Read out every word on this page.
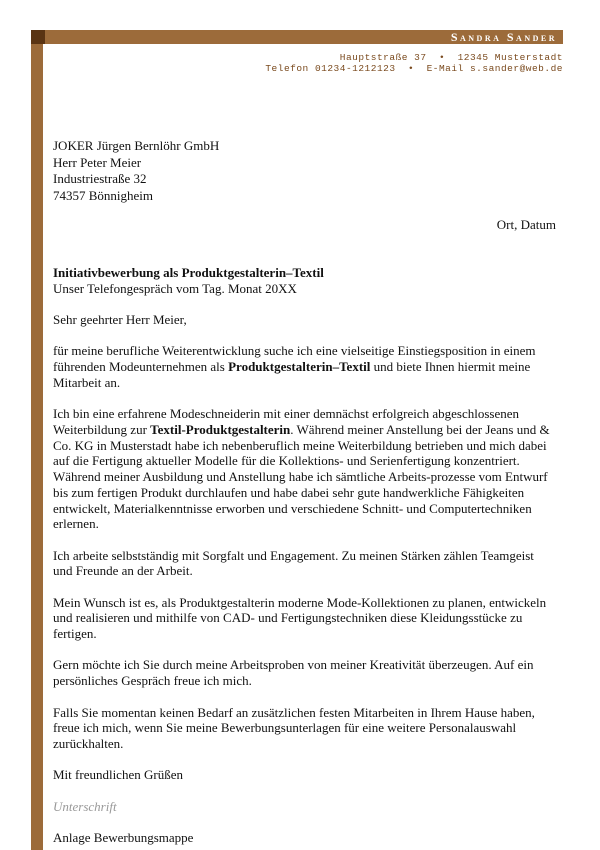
Sandra Sander
Hauptstraße 37  •  12345 Musterstadt
Telefon 01234-1212123  •  E-Mail s.sander@web.de
JOKER Jürgen Bernlöhr GmbH
Herr Peter Meier
Industriestraße 32
74357 Bönnigheim
Ort, Datum
Initiativbewerbung als Produktgestalterin–Textil

Unser Telefongespräch vom Tag. Monat 20XX

Sehr geehrter Herr Meier,

für meine berufliche Weiterentwicklung suche ich eine vielseitige Einstiegsposition in einem führenden Modeunternehmen als Produktgestalterin–Textil und biete Ihnen hiermit meine Mitarbeit an.

Ich bin eine erfahrene Modeschneiderin mit einer demnächst erfolgreich abgeschlossenen Weiterbildung zur Textil-Produktgestalterin. Während meiner Anstellung bei der Jeans und & Co. KG in Musterstadt habe ich nebenberuflich meine Weiterbildung betrieben und mich dabei auf die Fertigung aktueller Modelle für die Kollektions- und Serienfertigung konzentriert. Während meiner Ausbildung und Anstellung habe ich sämtliche Arbeits-prozesse vom Entwurf bis zum fertigen Produkt durchlaufen und habe dabei sehr gute handwerkliche Fähigkeiten entwickelt, Materialkenntnisse erworben und verschiedene Schnitt- und Computertechniken erlernen.

Ich arbeite selbstständig mit Sorgfalt und Engagement. Zu meinen Stärken zählen Teamgeist und Freunde an der Arbeit.

Mein Wunsch ist es, als Produktgestalterin moderne Mode-Kollektionen zu planen, entwickeln und realisieren und mithilfe von CAD- und Fertigungstechniken diese Kleidungsstücke zu fertigen.

Gern möchte ich Sie durch meine Arbeitsproben von meiner Kreativität überzeugen. Auf ein persönliches Gespräch freue ich mich.

Falls Sie momentan keinen Bedarf an zusätzlichen festen Mitarbeiten in Ihrem Hause haben, freue ich mich, wenn Sie meine Bewerbungsunterlagen für eine weitere Personalauswahl zurückhalten.

Mit freundlichen Grüßen

Unterschrift

Anlage Bewerbungsmappe
